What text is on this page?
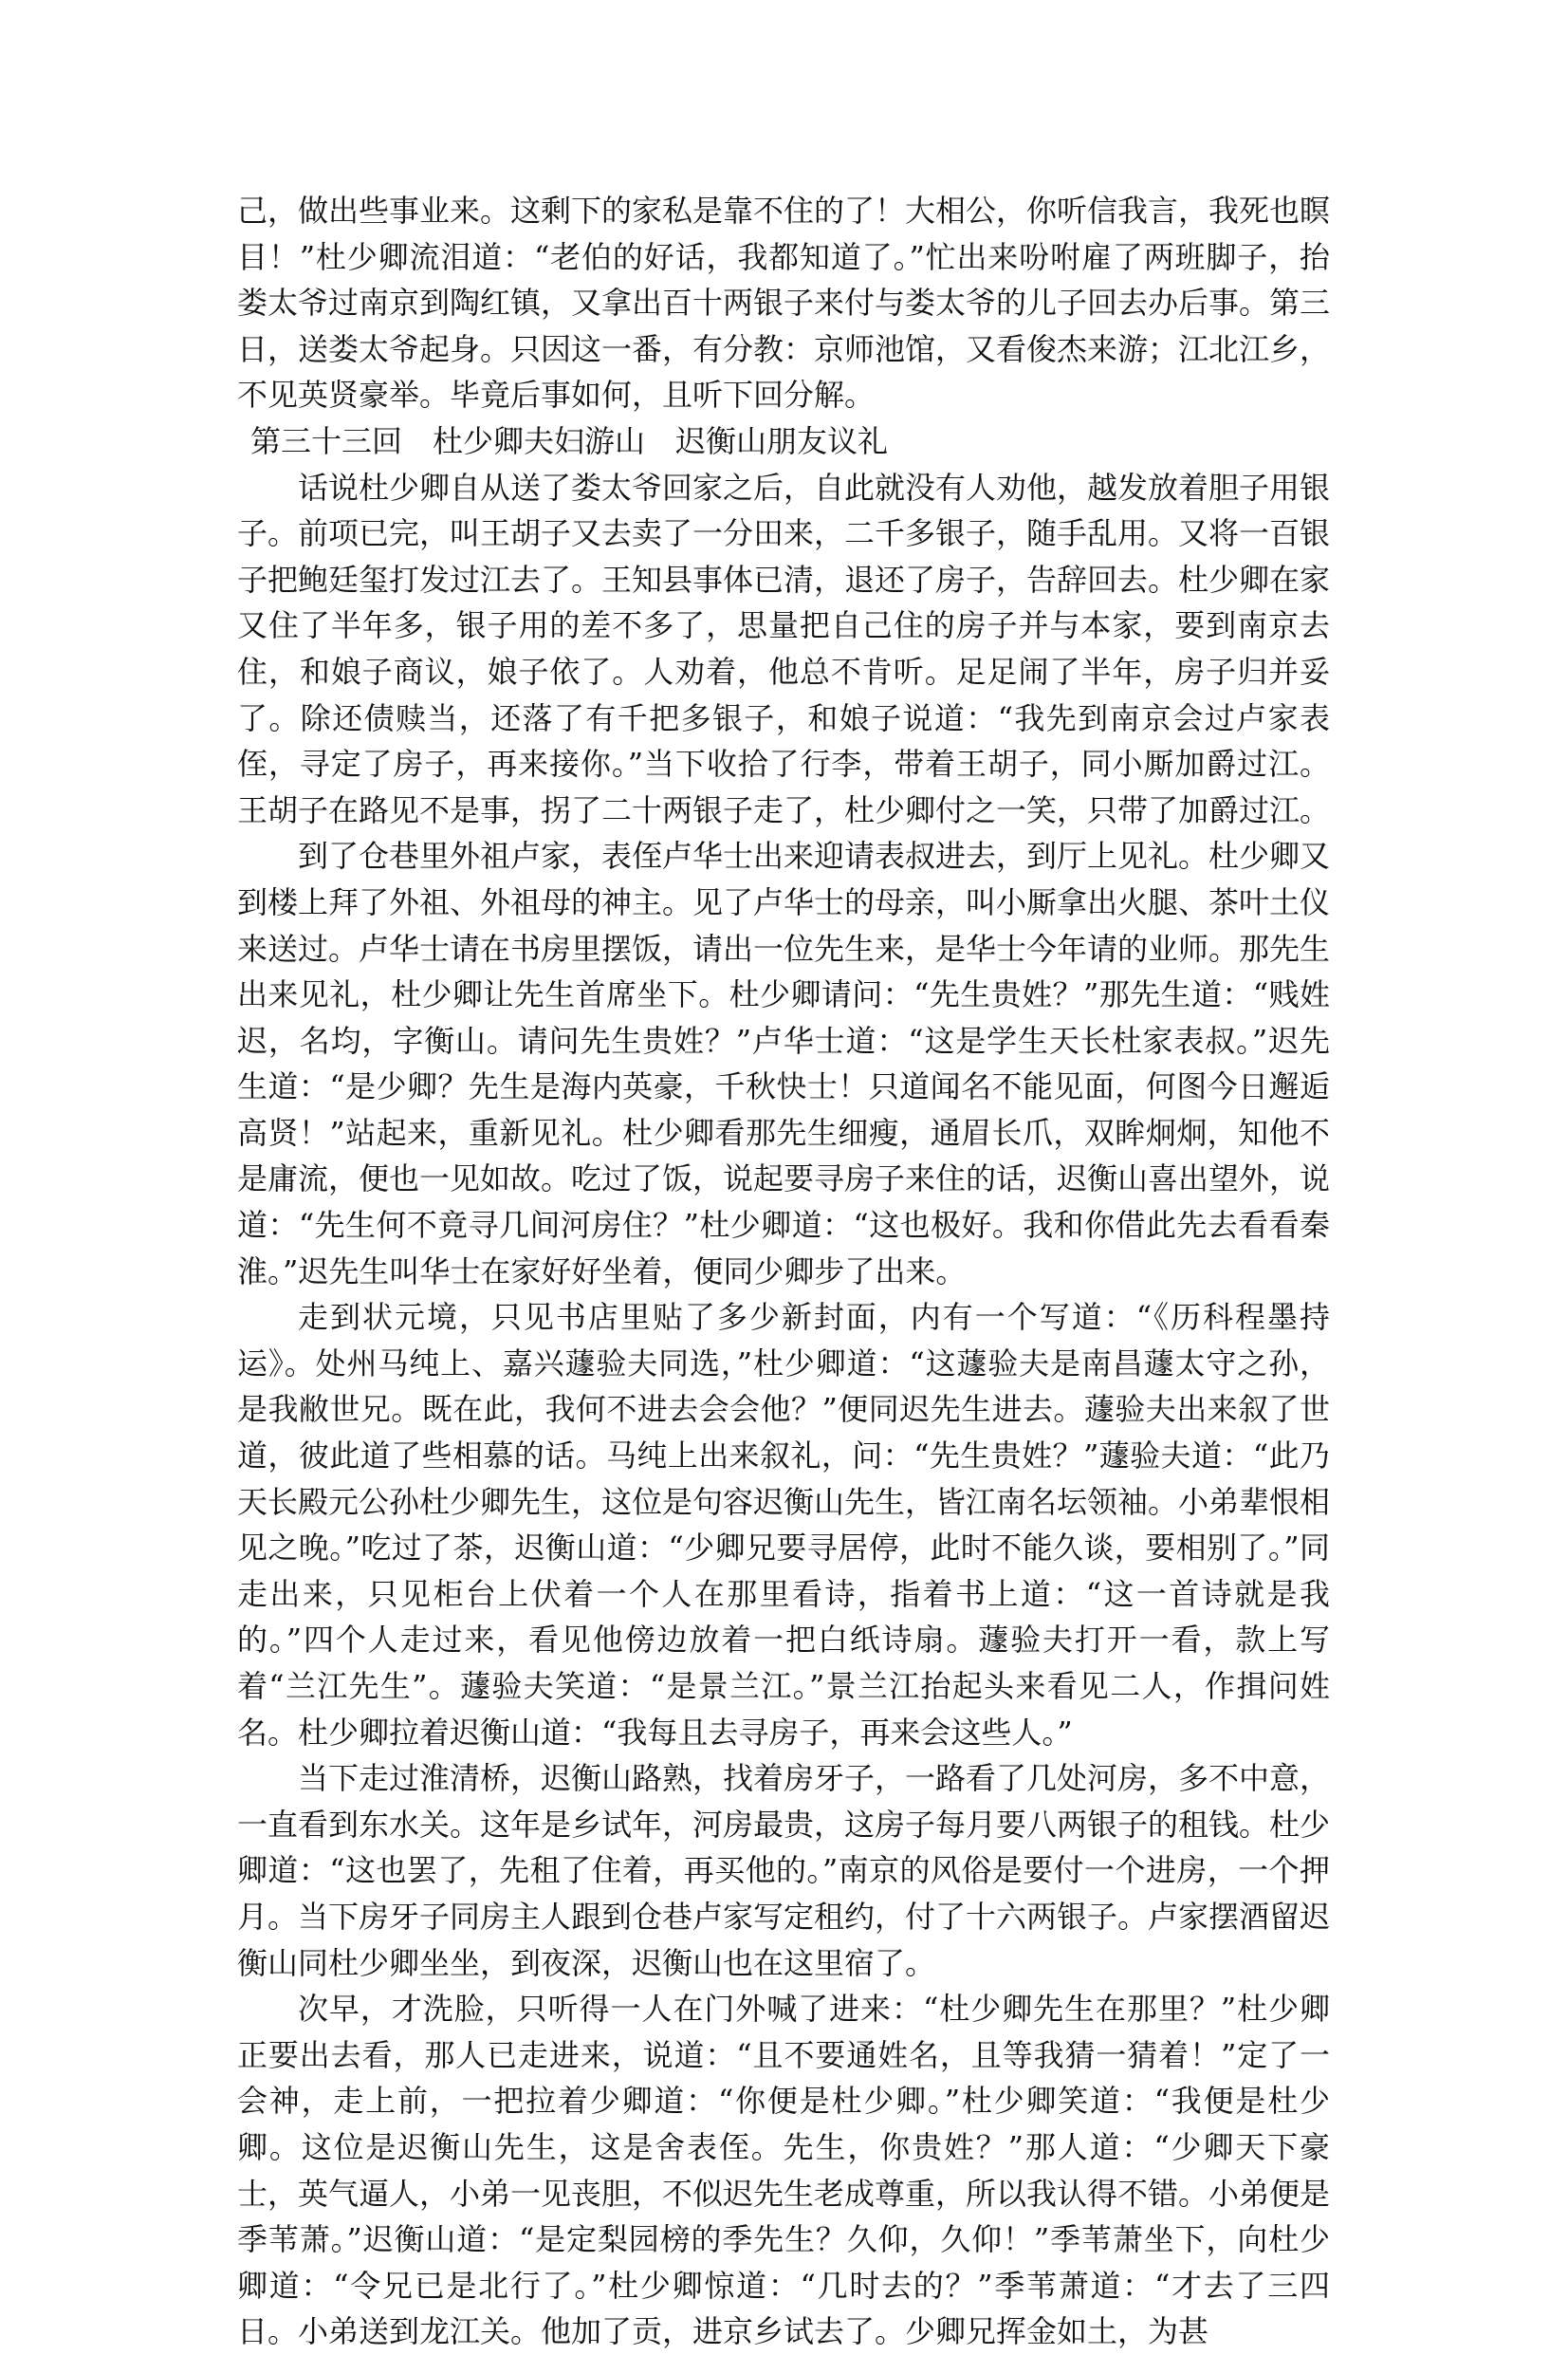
己，做出些事业来。这剩下的家私是靠不住的了！大相公，你听信我言，我死也瞑目！”杜少卿流泪道：“老伯的好话，我都知道了。”忙出来吩咐雇了两班脚子，抬娄太爷过南京到陶红镇，又拿出百十两银子来付与娄太爷的儿子回去办后事。第三日，送娄太爷起身。只因这一番，有分教：京师池馆，又看俊杰来游；江北江乡，不见英贤豪举。毕竟后事如何，且听下回分解。

第三十三回 杜少卿夫妇游山 迟衡山朋友议礼

话说杜少卿自从送了娄太爷回家之后，自此就没有人劝他，越发放着胆子用银子。前项已完，叫王胡子又去卖了一分田来，二千多银子，随手乱用。又将一百银子把鲍廷玺打发过江去了。王知县事体已清，退还了房子，告辞回去。杜少卿在家又住了半年多，银子用的差不多了，思量把自己住的房子并与本家，要到南京去住，和娘子商议，娘子依了。人劝着，他总不肯听。足足闹了半年，房子归并妥了。除还债赎当，还落了有千把多银子，和娘子说道：“我先到南京会过卢家表侄，寻定了房子，再来接你。”当下收拾了行李，带着王胡子，同小厮加爵过江。王胡子在路见不是事，拐了二十两银子走了，杜少卿付之一笑，只带了加爵过江。

到了仓巷里外祖卢家，表侄卢华士出来迎请表叔进去，到厅上见礼。杜少卿又到楼上拜了外祖、外祖母的神主。见了卢华士的母亲，叫小厮拿出火腿、茶叶土仪来送过。卢华士请在书房里摆饭，请出一位先生来，是华士今年请的业师。那先生出来见礼，杜少卿让先生首席坐下。杜少卿请问：“先生贵姓？”那先生道：“贱姓迟，名均，字衡山。请问先生贵姓？”卢华士道：“这是学生天长杜家表叔。”迟先生道：“是少卿？先生是海内英豪，千秋快士！只道闻名不能见面，何图今日邂逅高贤！”站起来，重新见礼。杜少卿看那先生细瘦，通眉长爪，双眸炯炯，知他不是庸流，便也一见如故。吃过了饭，说起要寻房子来住的话，迟衡山喜出望外，说道：“先生何不竟寻几间河房住？”杜少卿道：“这也极好。我和你借此先去看看秦淮。”迟先生叫华士在家好好坐着，便同少卿步了出来。

走到状元境，只见书店里贴了多少新封面，内有一个写道：“《历科程墨持运》。处州马纯上、嘉兴蘧验夫同选，”杜少卿道：“这蘧验夫是南昌蘧太守之孙，是我敝世兄。既在此，我何不进去会会他？”便同迟先生进去。蘧验夫出来叙了世道，彼此道了些相慕的话。马纯上出来叙礼，问：“先生贵姓？”蘧验夫道：“此乃天长殿元公孙杜少卿先生，这位是句容迟衡山先生，皆江南名坛领袖。小弟辈恨相见之晚。”吃过了茶，迟衡山道：“少卿兄要寻居停，此时不能久谈，要相别了。”同走出来，只见柜台上伏着一个人在那里看诗，指着书上道：“这一首诗就是我的。”四个人走过来，看见他傍边放着一把白纸诗扇。蘧验夫打开一看，款上写着“兰江先生”。蘧验夫笑道：“是景兰江。”景兰江抬起头来看见二人，作揖问姓名。杜少卿拉着迟衡山道：“我每且去寻房子，再来会这些人。”

当下走过淮清桥，迟衡山路熟，找着房牙子，一路看了几处河房，多不中意，一直看到东水关。这年是乡试年，河房最贵，这房子每月要八两银子的租钱。杜少卿道：“这也罢了，先租了住着，再买他的。”南京的风俗是要付一个进房，一个押月。当下房牙子同房主人跟到仓巷卢家写定租约，付了十六两银子。卢家摆酒留迟衡山同杜少卿坐坐，到夜深，迟衡山也在这里宿了。

次早，才洗脸，只听得一人在门外喊了进来：“杜少卿先生在那里？”杜少卿正要出去看，那人已走进来，说道：“且不要通姓名，且等我猜一猜着！”定了一会神，走上前，一把拉着少卿道：“你便是杜少卿。”杜少卿笑道：“我便是杜少卿。这位是迟衡山先生，这是舍表侄。先生，你贵姓？”那人道：“少卿天下豪士，英气逼人，小弟一见丧胆，不似迟先生老成尊重，所以我认得不错。小弟便是季苇萧。”迟衡山道：“是定梨园榜的季先生？久仰，久仰！”季苇萧坐下，向杜少卿道：“令兄已是北行了。”杜少卿惊道：“几时去的？”季苇萧道：“才去了三四日。小弟送到龙江关。他加了贡，进京乡试去了。少卿兄挥金如土，为甚
